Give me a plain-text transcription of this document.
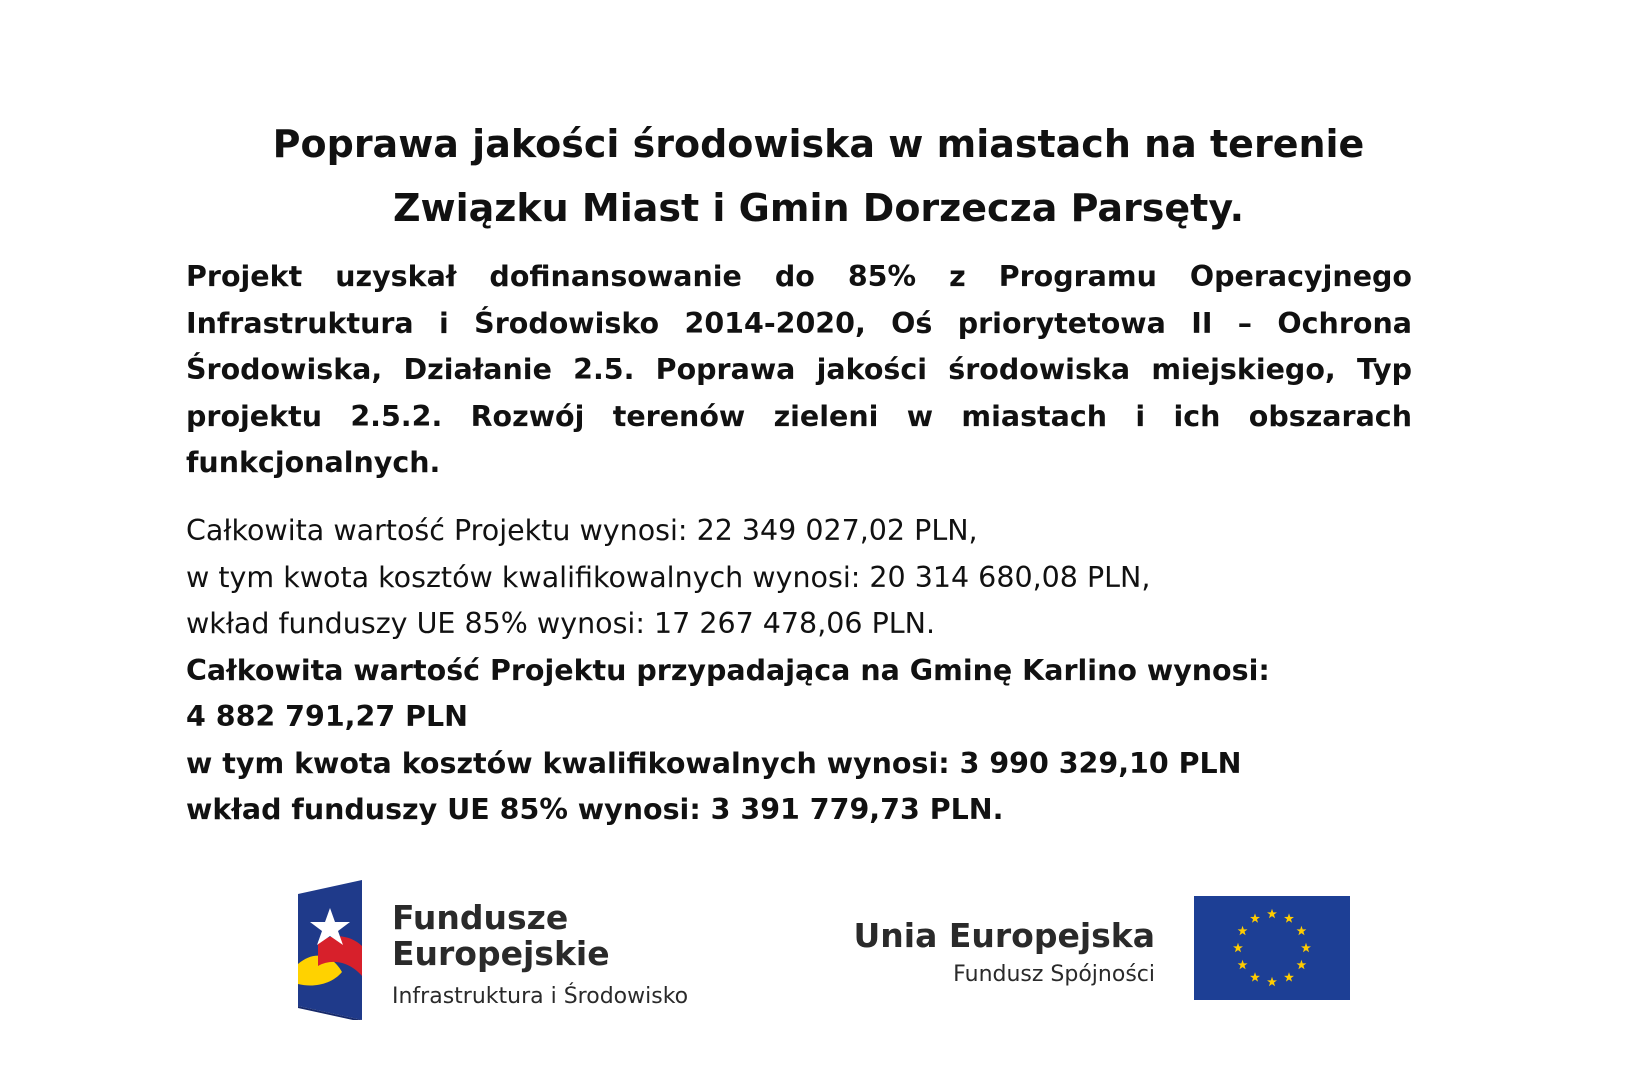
Poprawa jakości środowiska w miastach na terenie
Związku Miast i Gmin Dorzecza Parsęty.
Projekt uzyskał dofinansowanie do 85% z Programu Operacyjnego
Infrastruktura i Środowisko 2014-2020, Oś priorytetowa II – Ochrona
Środowiska, Działanie 2.5. Poprawa jakości środowiska miejskiego, Typ
projektu 2.5.2. Rozwój terenów zieleni w miastach i ich obszarach
funkcjonalnych.
Całkowita wartość Projektu wynosi: 22 349 027,02 PLN,
w tym kwota kosztów kwalifikowalnych wynosi: 20 314 680,08 PLN,
wkład funduszy UE 85% wynosi: 17 267 478,06 PLN.
Całkowita wartość Projektu przypadająca na Gminę Karlino wynosi:
4 882 791,27 PLN
w tym kwota kosztów kwalifikowalnych wynosi: 3 990 329,10 PLN
wkład funduszy UE 85% wynosi: 3 391 779,73 PLN.
Fundusze
Europejskie
Infrastruktura i Środowisko
Unia Europejska
Fundusz Spójności
